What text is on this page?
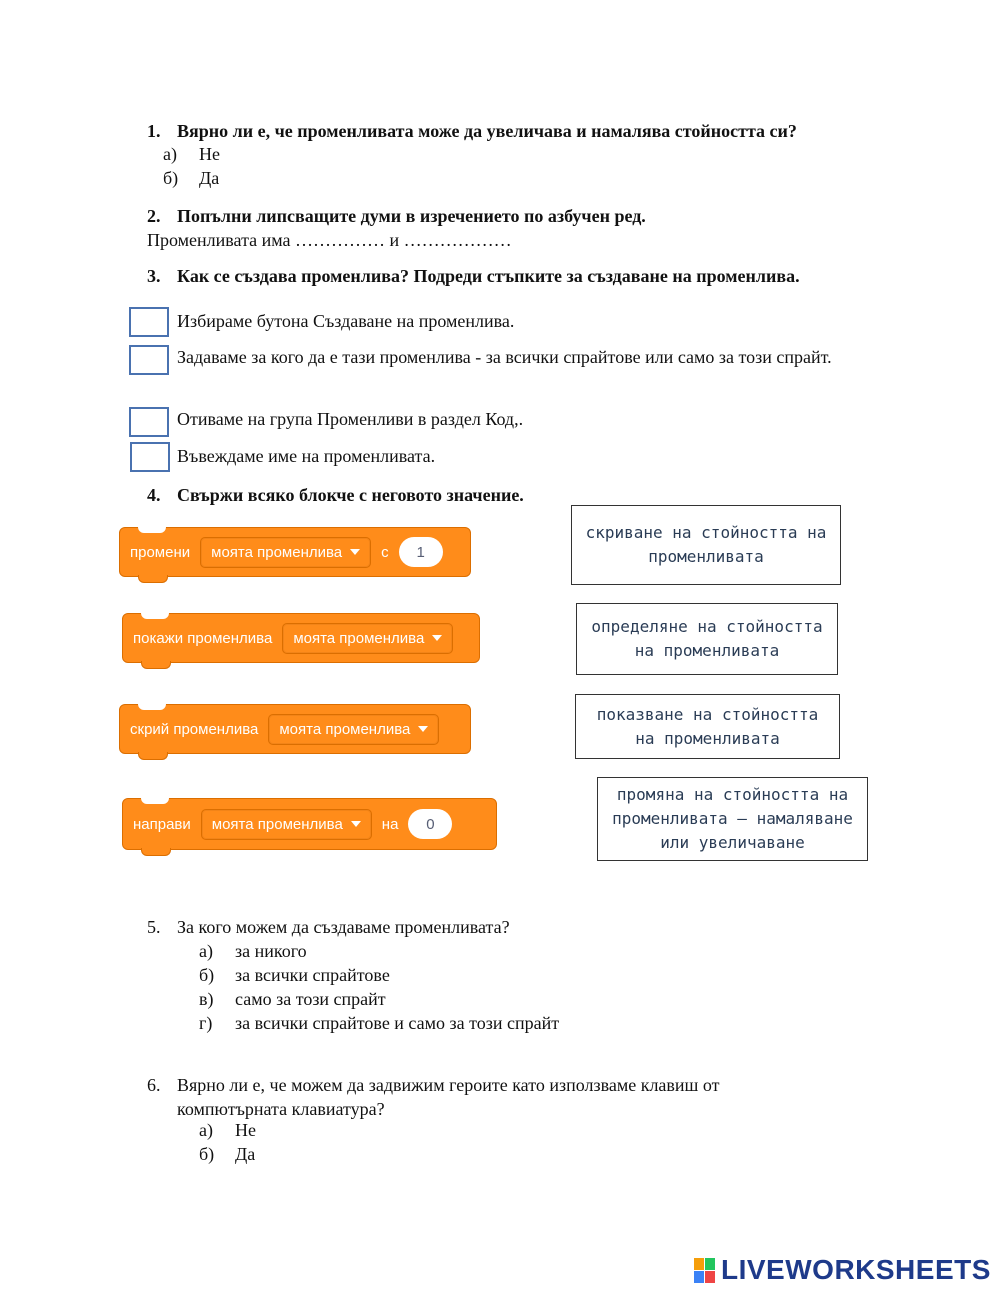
1. Вярно ли е, че променливата може да увеличава и намалява стойността си?
а) Не
б) Да
2. Попълни липсващите думи в изречението по азбучен ред.
Променливата има …………… и ………………
3. Как се създава променлива? Подреди стъпките за създаване на променлива.
Избираме бутона Създаване на променлива.
Задаваме за кого да е тази променлива - за всички спрайтове или само за този спрайт.
Отиваме на група Променливи в раздел Код,.
Въвеждаме име на променливата.
4. Свържи всяко блокче с неговото значение.
промени моята променлива	с	1
покажи променлива моята променлива
скрий променлива моята променлива
направи моята променлива	на	0
скриване на стойността на променливата
определяне на стойността на променливата
показване на стойността на променливата
промяна на стойността на променливата – намаляване или увеличаване
5. За кого можем да създаваме променливата?
а) за никого
б) за всички спрайтове
в) само за този спрайт
г) за всички спрайтове и само за този спрайт
6. Вярно ли е, че можем да задвижим героите като използваме клавиш от компютърната клавиатура?
а) Не
б) Да
LIVEWORKSHEETS
